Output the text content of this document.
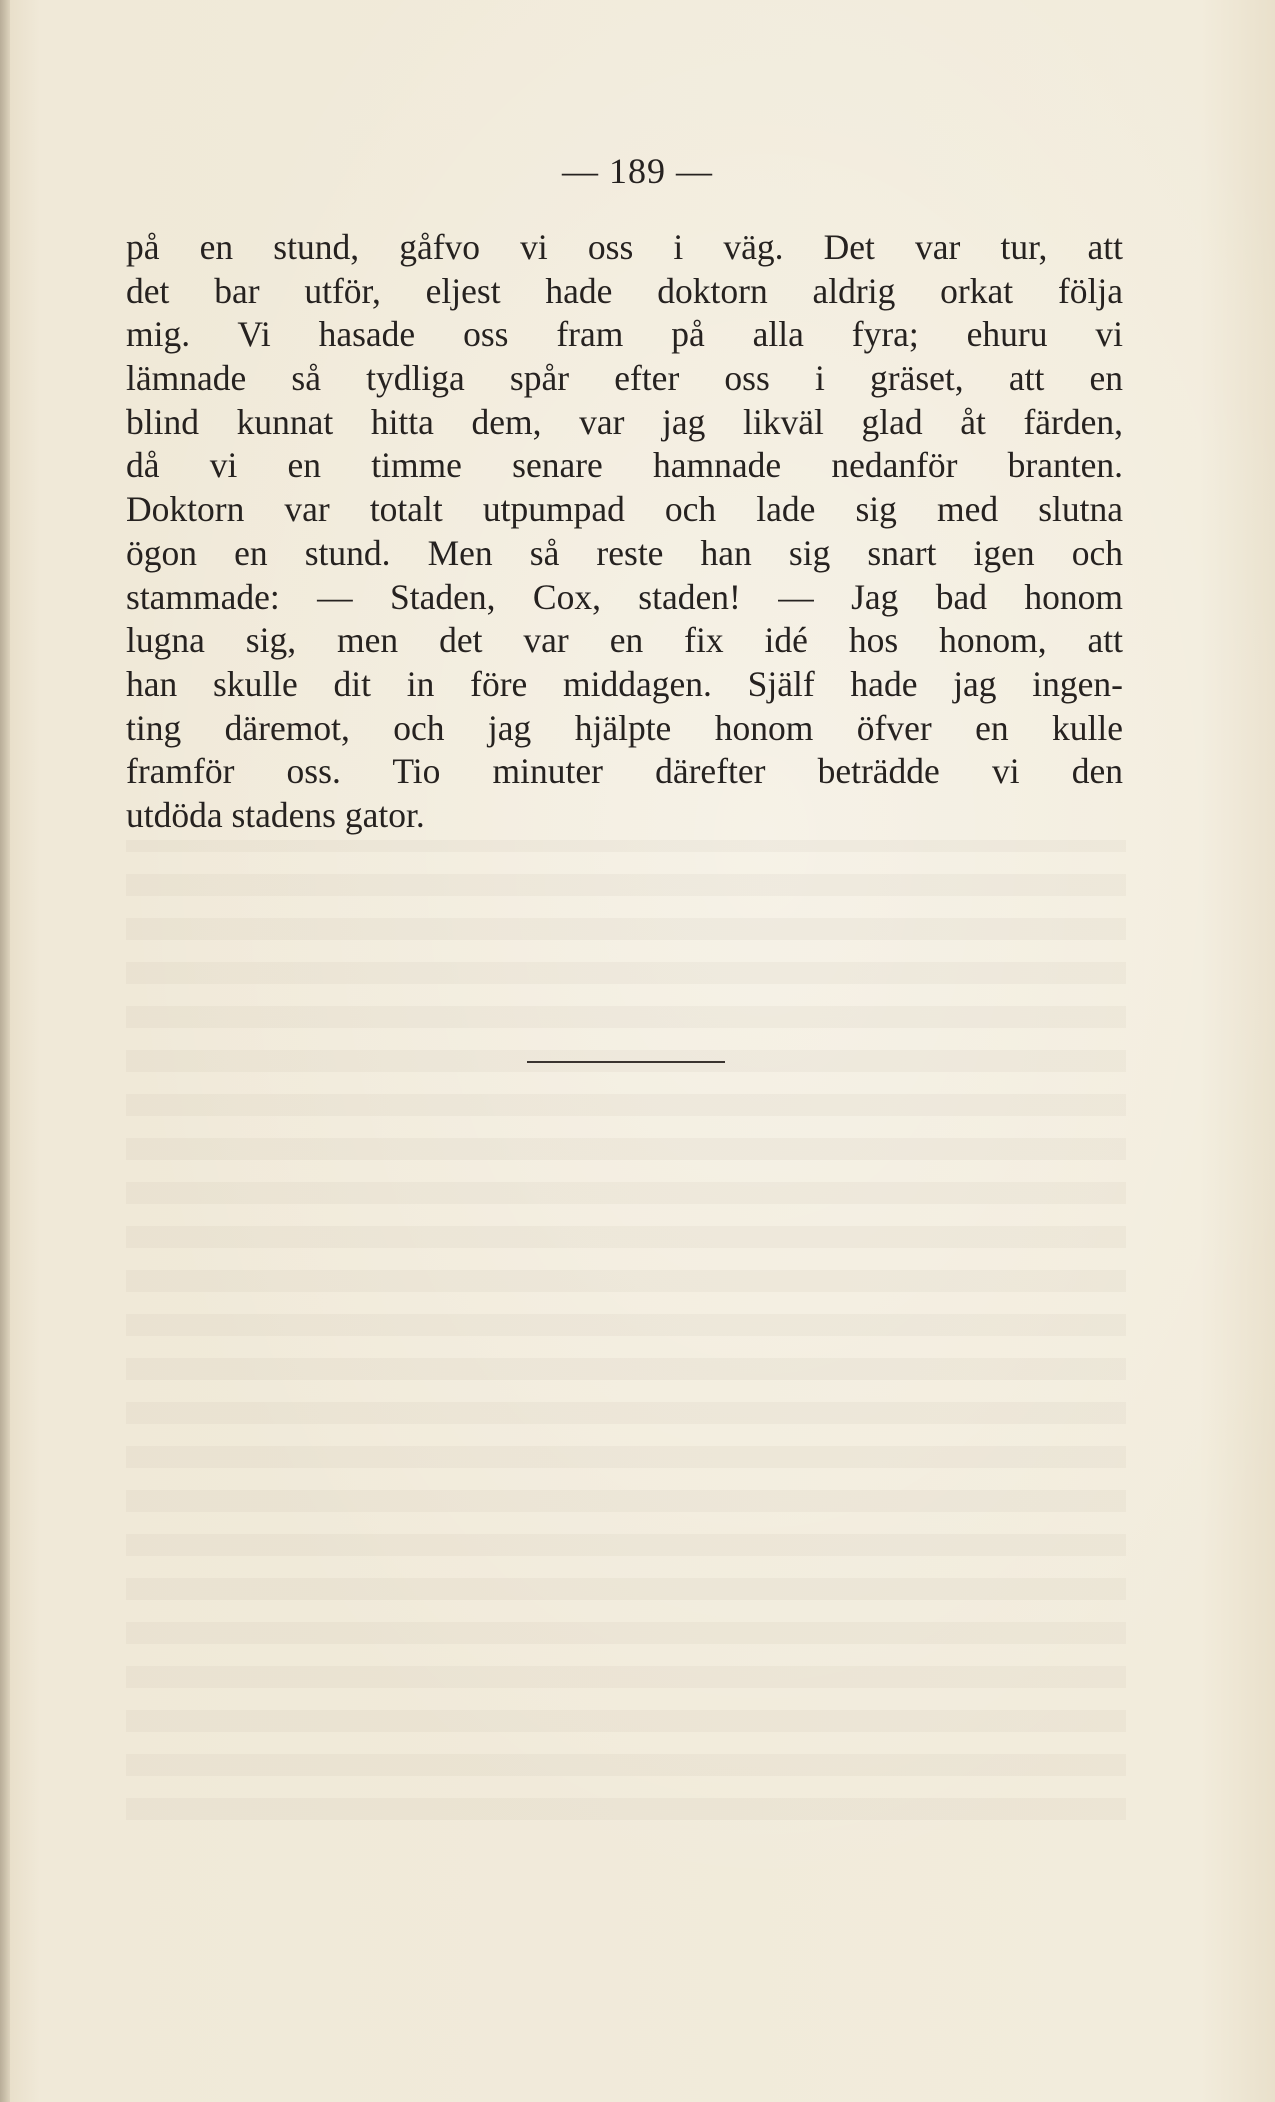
— 189 —
på en stund, gåfvo vi oss i väg. Det var tur, att
det bar utför, eljest hade doktorn aldrig orkat följa
mig. Vi hasade oss fram på alla fyra; ehuru vi
lämnade så tydliga spår efter oss i gräset, att en
blind kunnat hitta dem, var jag likväl glad åt färden,
då vi en timme senare hamnade nedanför branten.
Doktorn var totalt utpumpad och lade sig med slutna
ögon en stund. Men så reste han sig snart igen och
stammade: — Staden, Cox, staden! — Jag bad honom
lugna sig, men det var en fix idé hos honom, att
han skulle dit in före middagen. Själf hade jag ingen-
ting däremot, och jag hjälpte honom öfver en kulle
framför oss. Tio minuter därefter beträdde vi den
utdöda stadens gator.
